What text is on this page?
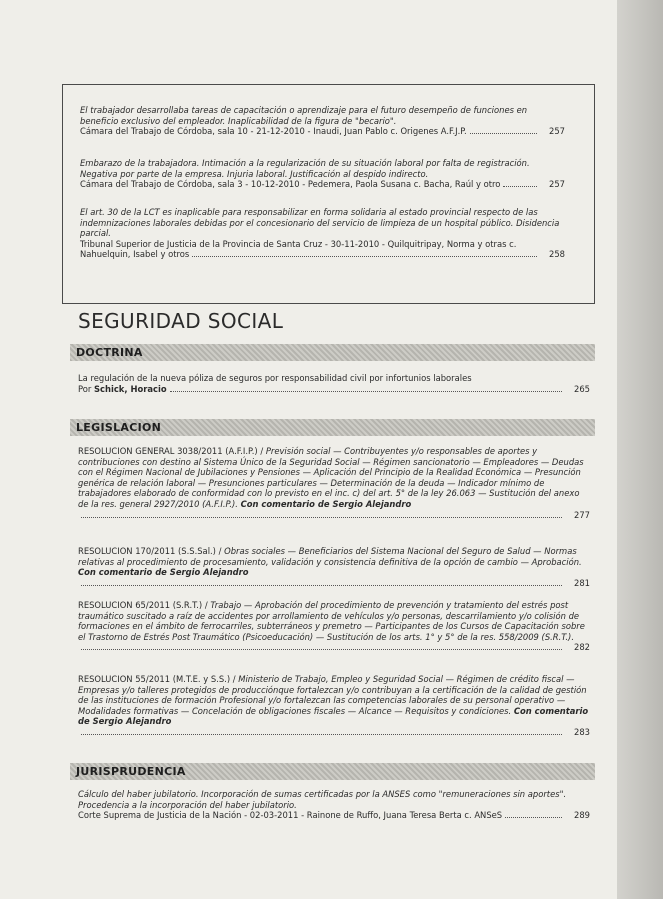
El trabajador desarrollaba tareas de capacitación o aprendizaje para el futuro desempeño de funciones en beneficio exclusivo del empleador. Inaplicabilidad de la figura de "becario".
Cámara del Trabajo de Córdoba, sala 10 - 21-12-2010 - Inaudi, Juan Pablo c. Origenes A.F.J.P.	257
Embarazo de la trabajadora. Intimación a la regularización de su situación laboral por falta de registración. Negativa por parte de la empresa. Injuria laboral. Justificación al despido indirecto.
Cámara del Trabajo de Córdoba, sala 3 - 10-12-2010 - Pedemera, Paola Susana c. Bacha, Raúl y otro	257
El art. 30 de la LCT es inaplicable para responsabilizar en forma solidaria al estado provincial respecto de las indemnizaciones laborales debidas por el concesionario del servicio de limpieza de un hospital público. Disidencia parcial.
Tribunal Superior de Justicia de la Provincia de Santa Cruz - 30-11-2010 - Quilquitripay, Norma y otras c.
Nahuelquin, Isabel y otros	258
SEGURIDAD SOCIAL
DOCTRINA
La regulación de la nueva póliza de seguros por responsabilidad civil por infortunios laborales
Por Schick, Horacio	265
LEGISLACION
RESOLUCION GENERAL 3038/2011 (A.F.I.P.) / Previsión social — Contribuyentes y/o responsables de aportes y contribuciones con destino al Sistema Único de la Seguridad Social — Régimen sancionatorio — Empleadores — Deudas con el Régimen Nacional de Jubilaciones y Pensiones — Aplicación del Principio de la Realidad Económica — Presunción genérica de relación laboral — Presunciones particulares — Determinación de la deuda — Indicador mínimo de trabajadores elaborado de conformidad con lo previsto en el inc. c) del art. 5° de la ley 26.063 — Sustitución del anexo de la res. general 2927/2010 (A.F.I.P.). Con comentario de Sergio Alejandro
277
RESOLUCION 170/2011 (S.S.Sal.) / Obras sociales — Beneficiarios del Sistema Nacional del Seguro de Salud — Normas relativas al procedimiento de procesamiento, validación y consistencia definitiva de la opción de cambio — Aprobación. Con comentario de Sergio Alejandro
281
RESOLUCION 65/2011 (S.R.T.) / Trabajo — Aprobación del procedimiento de prevención y tratamiento del estrés post traumático suscitado a raíz de accidentes por arrollamiento de vehículos y/o personas, descarrilamiento y/o colisión de formaciones en el ámbito de ferrocarriles, subterráneos y premetro — Participantes de los Cursos de Capacitación sobre el Trastorno de Estrés Post Traumático (Psicoeducación) — Sustitución de los arts. 1° y 5° de la res. 558/2009 (S.R.T.).
282
RESOLUCION 55/2011 (M.T.E. y S.S.) / Ministerio de Trabajo, Empleo y Seguridad Social — Régimen de crédito fiscal — Empresas y/o talleres protegidos de producciónque fortalezcan y/o contribuyan a la certificación de la calidad de gestión de las instituciones de formación Profesional y/o fortalezcan las competencias laborales de su personal operativo — Modalidades formativas — Concelación de obligaciones fiscales — Alcance — Requisitos y condiciones. Con comentario de Sergio Alejandro
283
JURISPRUDENCIA
Cálculo del haber jubilatorio. Incorporación de sumas certificadas por la ANSES como "remuneraciones sin aportes". Procedencia a la incorporación del haber jubilatorio.
Corte Suprema de Justicia de la Nación - 02-03-2011 - Rainone de Ruffo, Juana Teresa Berta c. ANSeS	289
